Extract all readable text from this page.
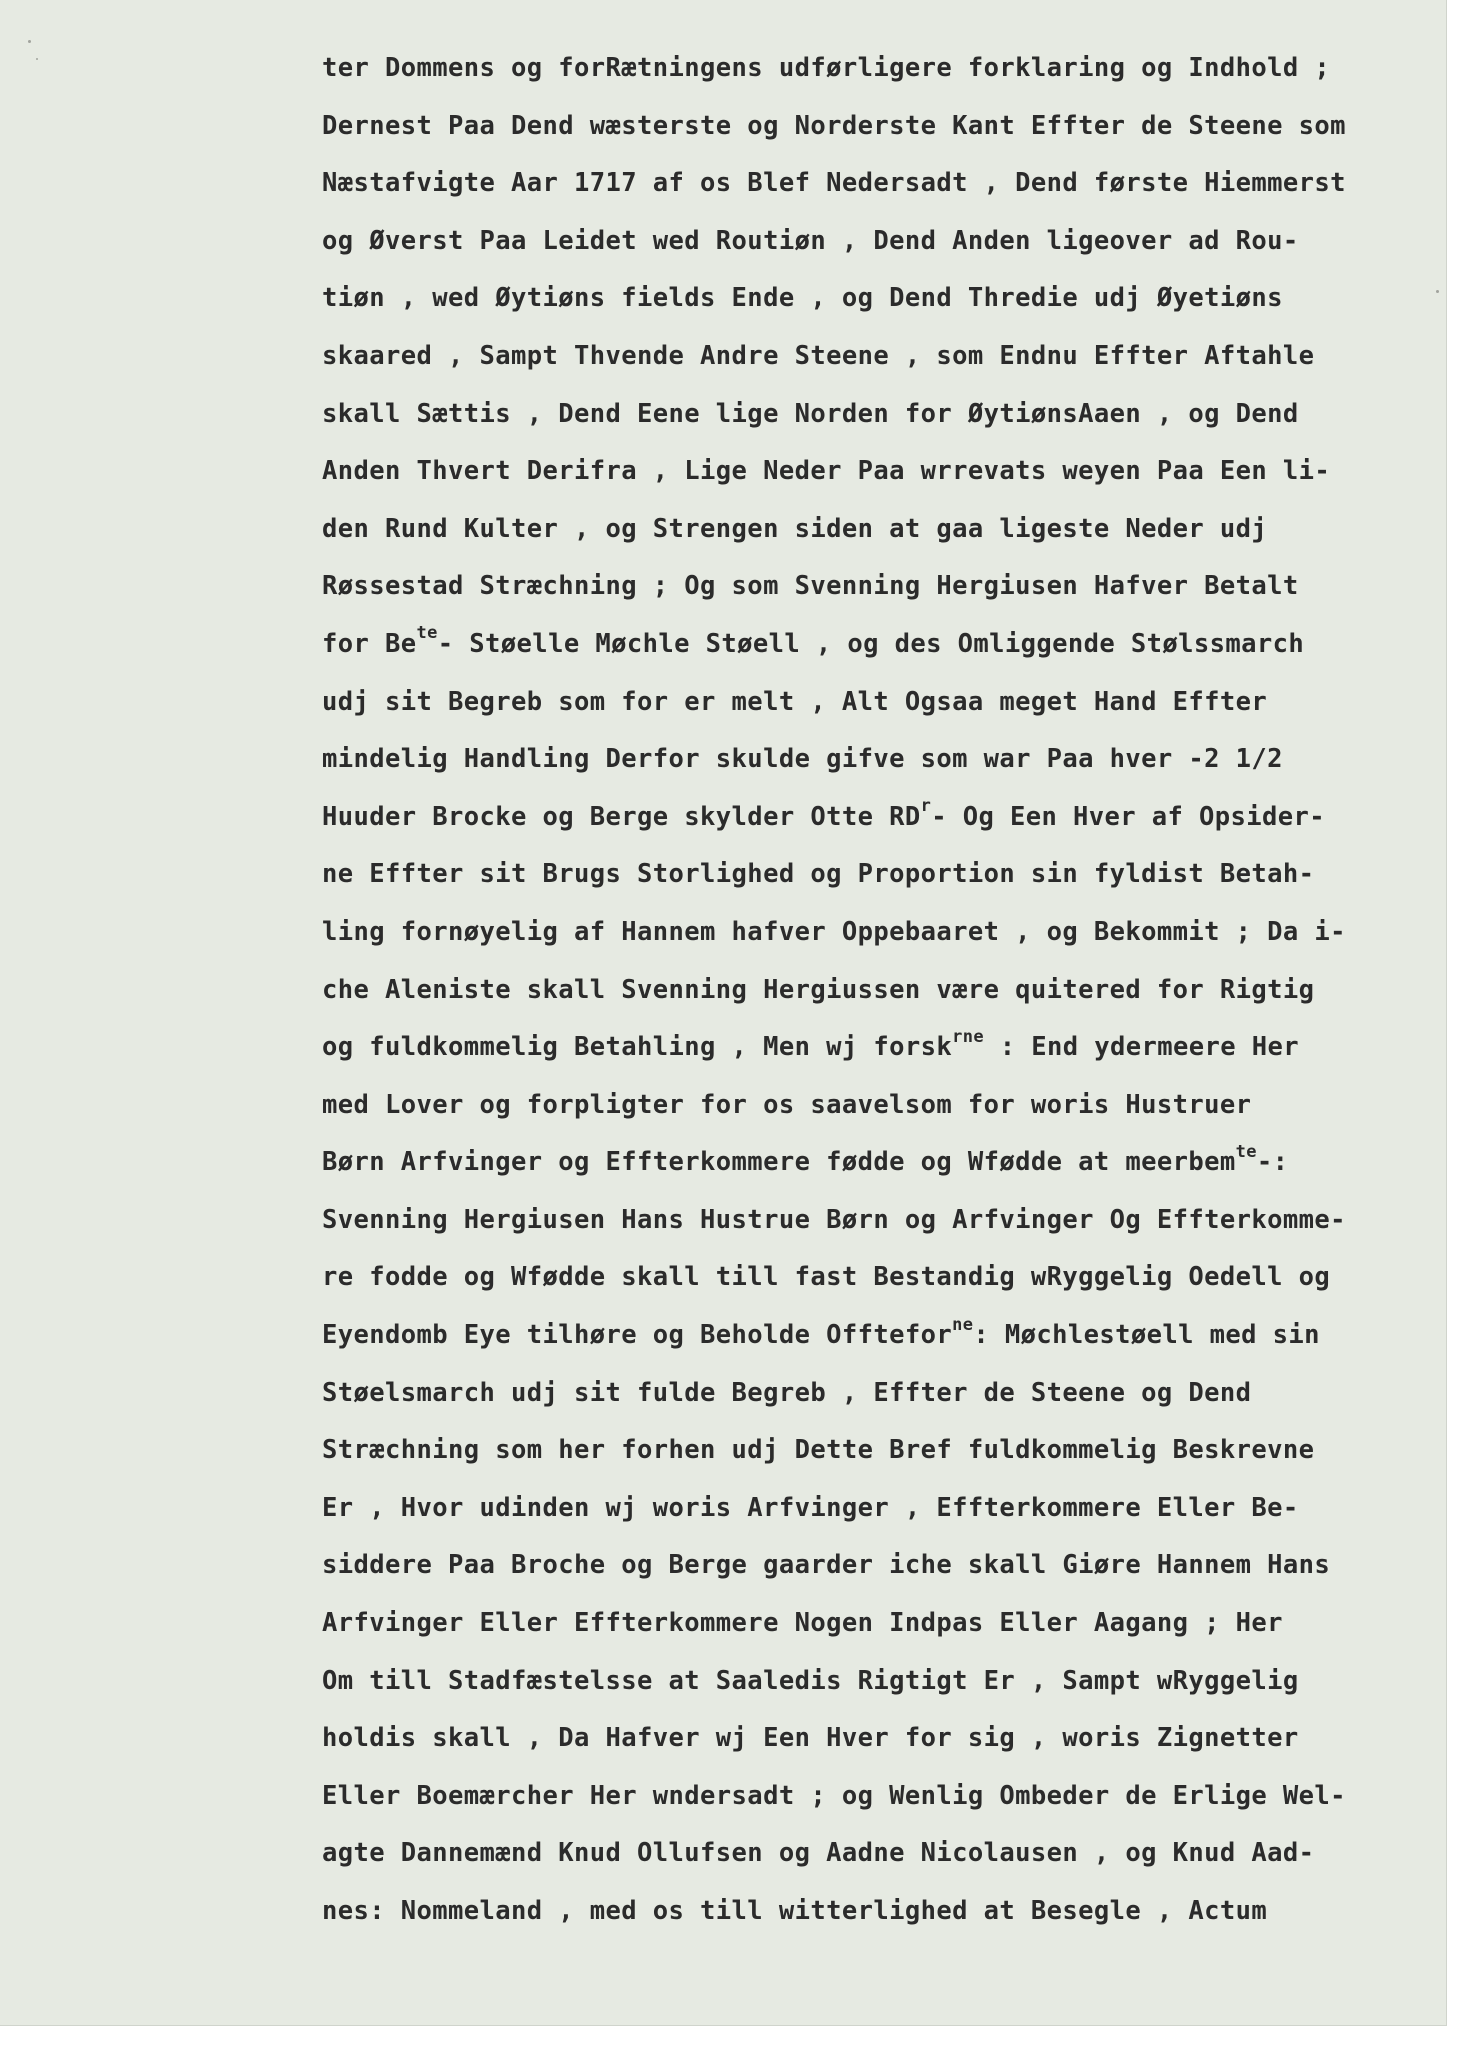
ter Dommens og forRætningens udførligere forklaring og Indhold ;
Dernest Paa Dend wæsterste og Norderste Kant Effter de Steene som
Næstafvigte Aar 1717 af os Blef Nedersadt , Dend første Hiemmerst
og Øverst Paa Leidet wed Routiøn , Dend Anden ligeover ad Rou-
tiøn , wed Øytiøns fields Ende , og Dend Thredie udj Øyetiøns
skaared , Sampt Thvende Andre Steene , som Endnu Effter Aftahle
skall Sættis , Dend Eene lige Norden for ØytiønsAaen , og Dend
Anden Thvert Derifra , Lige Neder Paa wrrevats weyen Paa Een li-
den Rund Kulter , og Strengen siden at gaa ligeste Neder udj
Røssestad Stræchning ; Og som Svenning Hergiusen Hafver Betalt
for $Be^{te}-$ Støelle Møchle Støell , og des Omliggende Stølssmarch
udj sit Begreb som for er melt , Alt Ogsaa meget Hand Effter
mindelig Handling Derfor skulde gifve som war Paa hver -2 1/2
Huuder Brocke og Berge skylder Otte $RD^r-$ Og Een Hver af Opsider-
ne Effter sit Brugs Storlighed og Proportion sin fyldist Betah-
ling fornøyelig af Hannem hafver Oppebaaret , og Bekommit ; Da i-
che Aleniste skall Svenning Hergiussen være quitered for Rigtig
og fuldkommelig Betahling , Men wj forsk$^{rne}$ : End ydermeere Her
med Lover og forpligter for os saavelsom for woris Hustruer
Børn Arfvinger og Effterkommere fødde og Wfødde at meerbem$^{te}$-:
Svenning Hergiusen Hans Hustrue Børn og Arfvinger Og Effterkomme-
re fodde og Wfødde skall till fast Bestandig wRyggelig Oedell og
Eyendomb Eye tilhøre og Beholde Offtefor$^{ne}$: Møchlestøell med sin
Støelsmarch udj sit fulde Begreb , Effter de Steene og Dend
Stræchning som her forhen udj Dette Bref fuldkommelig Beskrevne
Er , Hvor udinden wj woris Arfvinger , Effterkommere Eller Be-
siddere Paa Broche og Berge gaarder iche skall Giøre Hannem Hans
Arfvinger Eller Effterkommere Nogen Indpas Eller Aagang ; Her
Om till Stadfæstelsse at Saaledis Rigtigt Er , Sampt wRyggelig
holdis skall , Da Hafver wj Een Hver for sig , woris Zignetter
Eller Boemærcher Her wndersadt ; og Wenlig Ombeder de Erlige Wel-
agte Dannemænd Knud Ollufsen og Aadne Nicolausen , og Knud Aad-
nes: Nommeland , med os till witterlighed at Besegle , Actum
